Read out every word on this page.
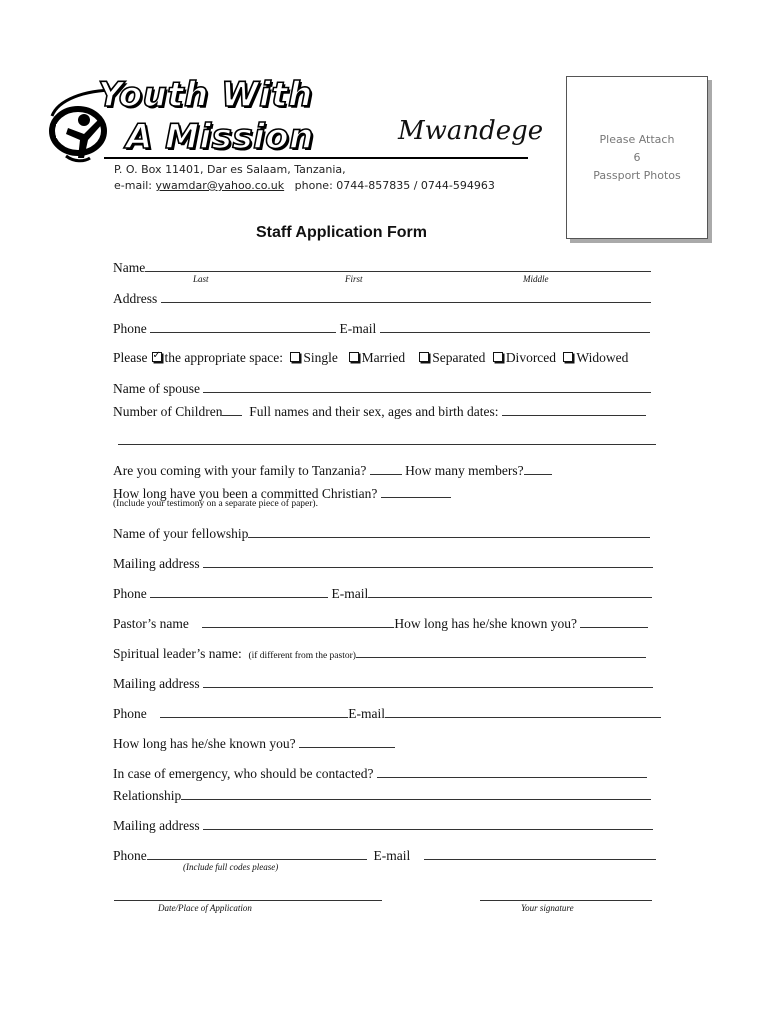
Youth With
A Mission	Mwandege
P. O. Box 11401, Dar es Salaam, Tanzania,
e-mail: ywamdar@yahoo.co.uk phone: 0744-857835 / 0744-594963
Please Attach
6
Passport Photos
Staff Application Form
Name
Last	First	Middle
Address
Phone	E-mail
Please✓ the appropriate space: Single Married Separated Divorced Widowed
Name of spouse
Number of Children Full names and their sex, ages and birth dates:
Are you coming with your family to Tanzania?	How many members?
How long have you been a committed Christian?
(Include your testimony on a separate piece of paper).
Name of your fellowship
Mailing address
Phone	E-mail
Pastor’s name	How long has he/she known you?
Spiritual leader’s name: (if different from the pastor)
Mailing address
Phone	E-mail
How long has he/she known you?
In case of emergency, who should be contacted?
Relationship
Mailing address
Phone	E-mail
(Include full codes please)
Date/Place of Application	Your signature
